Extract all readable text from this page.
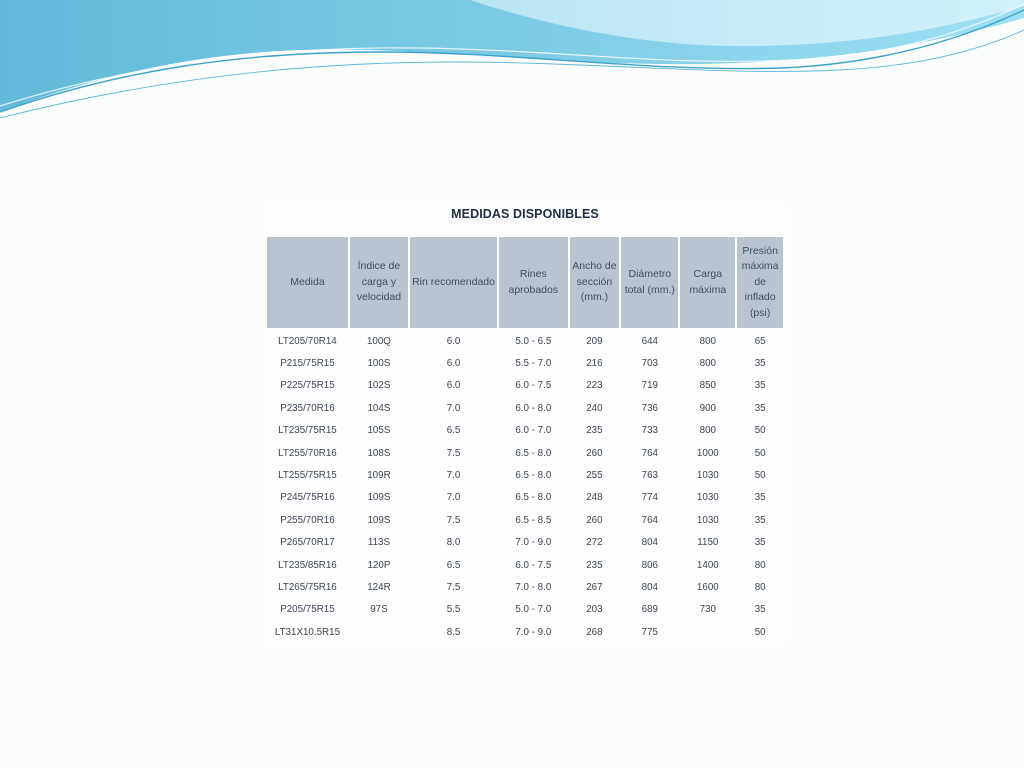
MEDIDAS DISPONIBLES
Medida	Índice de carga y velocidad	Rin recomendado	Rines aprobados	Ancho de sección (mm.)	Diámetro total (mm.)	Carga máxima	Presión máxima de inflado (psi)
LT205/70R14	100Q	6.0	5.0 - 6.5	209	644	800	65
P215/75R15	100S	6.0	5.5 - 7.0	216	703	800	35
P225/75R15	102S	6.0	6.0 - 7.5	223	719	850	35
P235/70R16	104S	7.0	6.0 - 8.0	240	736	900	35
LT235/75R15	105S	6.5	6.0 - 7.0	235	733	800	50
LT255/70R16	108S	7.5	6.5 - 8.0	260	764	1000	50
LT255/75R15	109R	7.0	6.5 - 8.0	255	763	1030	50
P245/75R16	109S	7.0	6.5 - 8.0	248	774	1030	35
P255/70R16	109S	7.5	6.5 - 8.5	260	764	1030	35
P265/70R17	113S	8.0	7.0 - 9.0	272	804	1150	35
LT235/85R16	120P	6.5	6.0 - 7.5	235	806	1400	80
LT265/75R16	124R	7.5	7.0 - 8.0	267	804	1600	80
P205/75R15	97S	5.5	5.0 - 7.0	203	689	730	35
LT31X10.5R15		8.5	7.0 - 9.0	268	775		50
